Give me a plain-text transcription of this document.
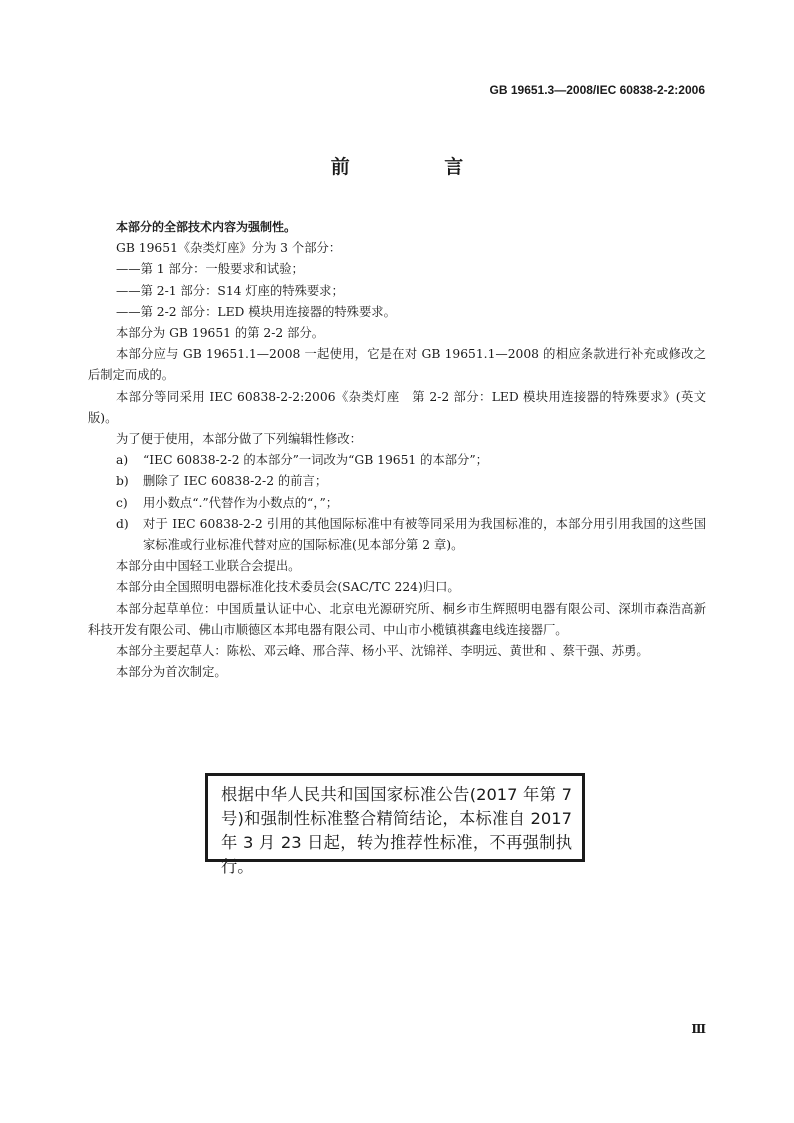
GB 19651.3—2008/IEC 60838-2-2:2006
前 言

本部分的全部技术内容为强制性。

GB 19651《杂类灯座》分为 3 个部分：

——第 1 部分：一般要求和试验；

——第 2-1 部分：S14 灯座的特殊要求；

——第 2-2 部分：LED 模块用连接器的特殊要求。

本部分为 GB 19651 的第 2-2 部分。

本部分应与 GB 19651.1—2008 一起使用，它是在对 GB 19651.1—2008 的相应条款进行补充或修改之后制定而成的。

本部分等同采用 IEC 60838-2-2:2006《杂类灯座　第 2-2 部分：LED 模块用连接器的特殊要求》(英文版)。

为了便于使用，本部分做了下列编辑性修改：

a)	“IEC 60838-2-2 的本部分”一词改为“GB 19651 的本部分”；
b)	删除了 IEC 60838-2-2 的前言；
c)	用小数点“.”代替作为小数点的“，”；
d)	对于 IEC 60838-2-2 引用的其他国际标准中有被等同采用为我国标准的，本部分用引用我国的这些国家标准或行业标准代替对应的国际标准(见本部分第 2 章)。

本部分由中国轻工业联合会提出。

本部分由全国照明电器标准化技术委员会(SAC/TC 224)归口。

本部分起草单位：中国质量认证中心、北京电光源研究所、桐乡市生辉照明电器有限公司、深圳市森浩高新科技开发有限公司、佛山市顺德区本邦电器有限公司、中山市小榄镇祺鑫电线连接器厂。

本部分主要起草人：陈松、邓云峰、邢合萍、杨小平、沈锦祥、李明远、黄世和 、蔡干强、苏勇。

本部分为首次制定。

根据中华人民共和国国家标准公告(2017 年第 7 号)和强制性标准整合精简结论，本标准自 2017 年 3 月 23 日起，转为推荐性标准，不再强制执行。
Ⅲ
